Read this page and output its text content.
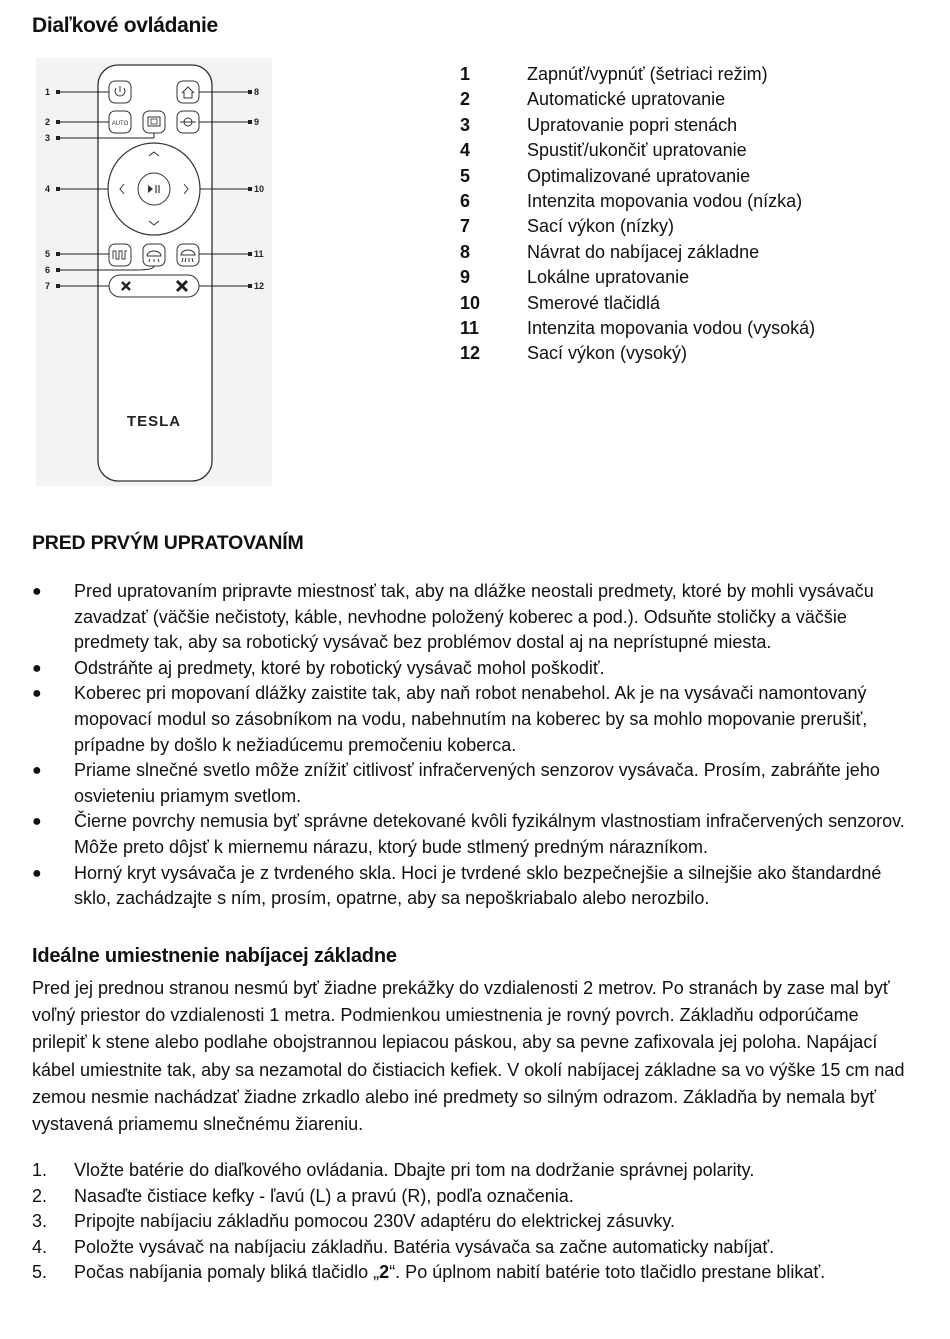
Diaľkové ovládanie
AUTO
TESLA
1
2
3
4
5
6
7
8
9
10
11
12
1	Zapnúť/vypnúť (šetriaci režim)
2	Automatické upratovanie
3	Upratovanie popri stenách
4	Spustiť/ukončiť upratovanie
5	Optimalizované upratovanie
6	Intenzita mopovania vodou (nízka)
7	Sací výkon (nízky)
8	Návrat do nabíjacej základne
9	Lokálne upratovanie
10	Smerové tlačidlá
11	Intenzita mopovania vodou (vysoká)
12	Sací výkon (vysoký)
PRED PRVÝM UPRATOVANÍM
● Pred upratovaním pripravte miestnosť tak, aby na dlážke neostali predmety, ktoré by mohli vysávaču zavadzať (väčšie nečistoty, káble, nevhodne položený koberec a pod.). Odsuňte stoličky a väčšie predmety tak, aby sa robotický vysávač bez problémov dostal aj na neprístupné miesta.
● Odstráňte aj predmety, ktoré by robotický vysávač mohol poškodiť.
● Koberec pri mopovaní dlážky zaistite tak, aby naň robot nenabehol. Ak je na vysávači namontovaný mopovací modul so zásobníkom na vodu, nabehnutím na koberec by sa mohlo mopovanie prerušiť, prípadne by došlo k nežiadúcemu premočeniu koberca.
● Priame slnečné svetlo môže znížiť citlivosť infračervených senzorov vysávača. Prosím, zabráňte jeho osvieteniu priamym svetlom.
● Čierne povrchy nemusia byť správne detekované kvôli fyzikálnym vlastnostiam infračervených senzorov. Môže preto dôjsť k miernemu nárazu, ktorý bude stlmený predným nárazníkom.
● Horný kryt vysávača je z tvrdeného skla. Hoci je tvrdené sklo bezpečnejšie a silnejšie ako štandardné sklo, zachádzajte s ním, prosím, opatrne, aby sa nepoškriabalo alebo nerozbilo.
Ideálne umiestnenie nabíjacej základne

Pred jej prednou stranou nesmú byť žiadne prekážky do vzdialenosti 2 metrov. Po stranách by zase mal byť voľný priestor do vzdialenosti 1 metra. Podmienkou umiestnenia je rovný povrch. Základňu odporúčame prilepiť k stene alebo podlahe obojstrannou lepiacou páskou, aby sa pevne zafixovala jej poloha. Napájací kábel umiestnite tak, aby sa nezamotal do čistiacich kefiek. V okolí nabíjacej základne sa vo výške 15 cm nad zemou nesmie nachádzať žiadne zrkadlo alebo iné predmety so silným odrazom. Základňa by nemala byť vystavená priamemu slnečnému žiareniu.

1. Vložte batérie do diaľkového ovládania. Dbajte pri tom na dodržanie správnej polarity.
2. Nasaďte čistiace kefky - ľavú (L) a pravú (R), podľa označenia.
3. Pripojte nabíjaciu základňu pomocou 230V adaptéru do elektrickej zásuvky.
4. Položte vysávač na nabíjaciu základňu. Batéria vysávača sa začne automaticky nabíjať.
5. Počas nabíjania pomaly bliká tlačidlo „2“. Po úplnom nabití batérie toto tlačidlo prestane blikať.
